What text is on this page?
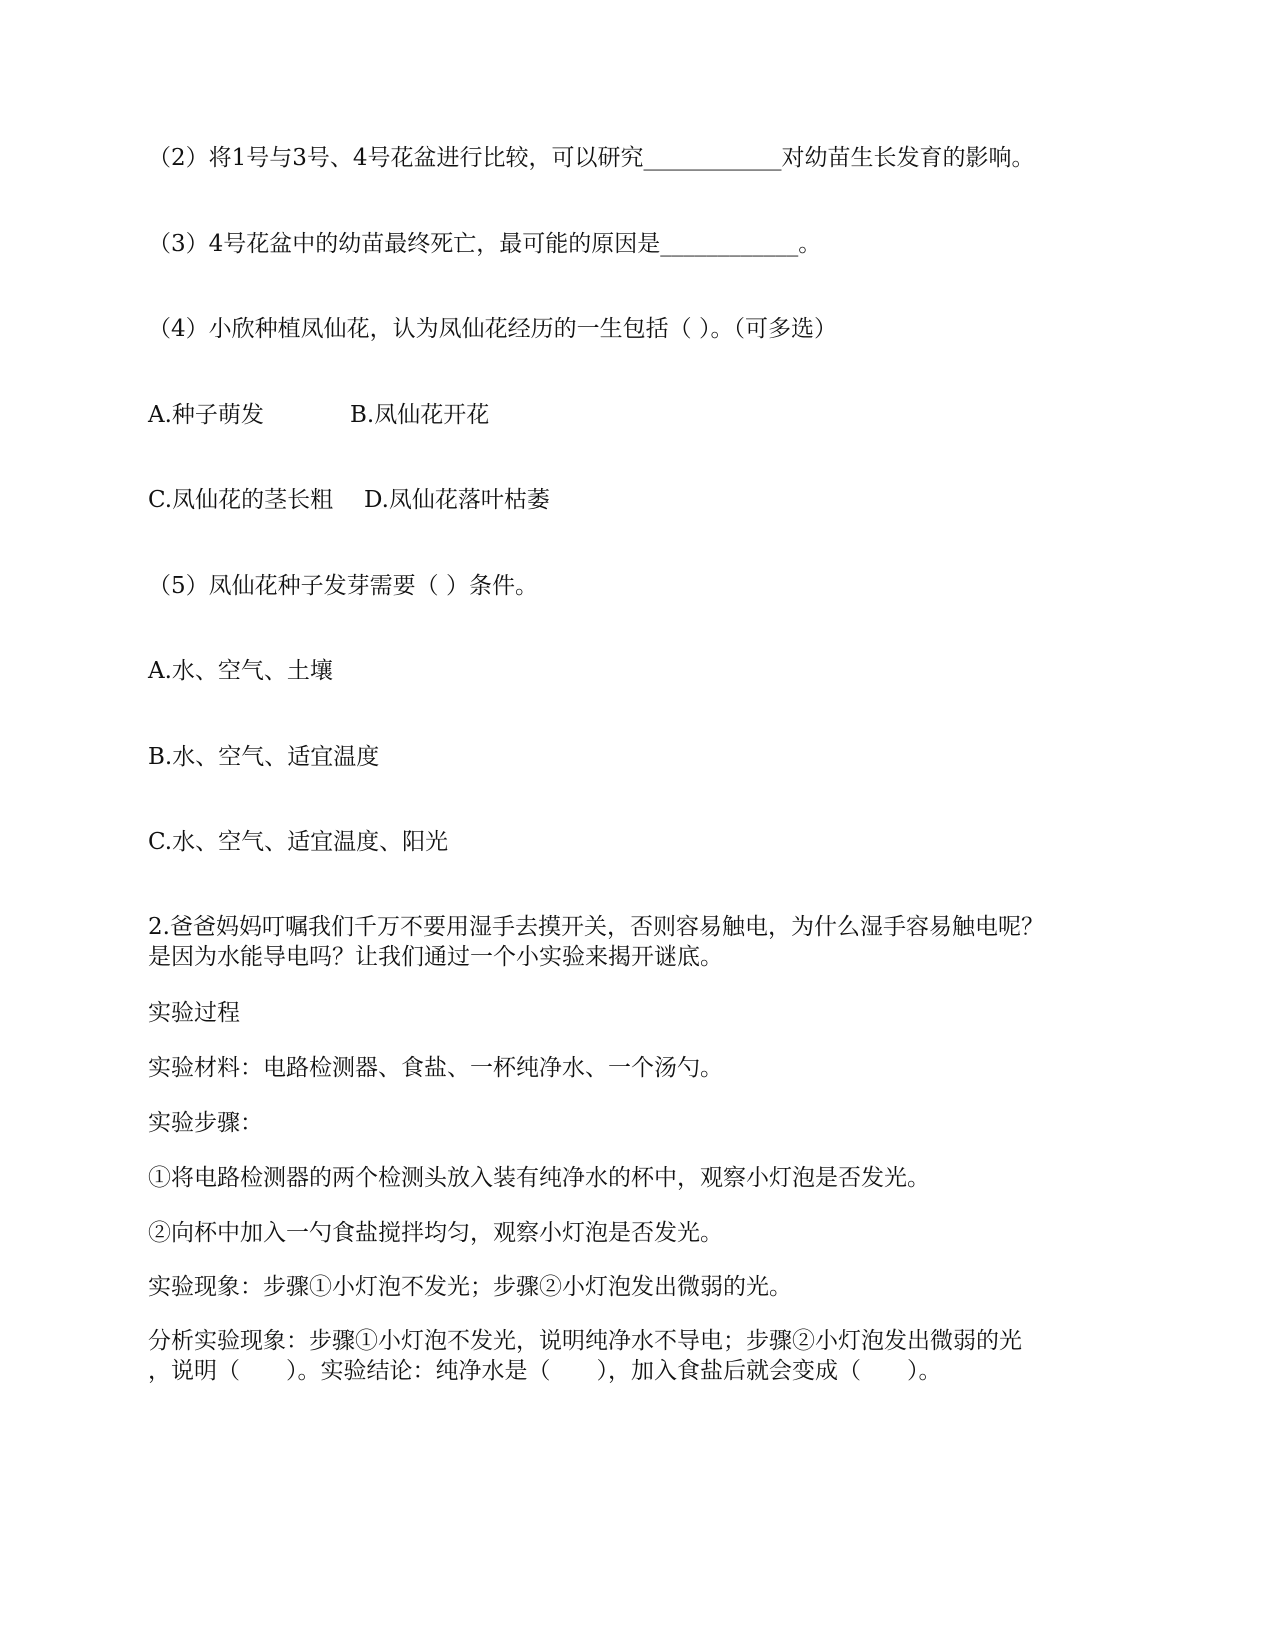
（2）将1号与3号、4号花盆进行比较，可以研究____________对幼苗生长发育的影响。

（3）4号花盆中的幼苗最终死亡，最可能的原因是____________。

（4）小欣种植凤仙花，认为凤仙花经历的一生包括（ ）。（可多选）

A.种子萌发	B.凤仙花开花

C.凤仙花的茎长粗 D.凤仙花落叶枯萎

（5）凤仙花种子发芽需要（ ）条件。

A.水、空气、土壤

B.水、空气、适宜温度

C.水、空气、适宜温度、阳光

2.爸爸妈妈叮嘱我们千万不要用湿手去摸开关，否则容易触电，为什么湿手容易触电呢？

是因为水能导电吗？让我们通过一个小实验来揭开谜底。

实验过程

实验材料：电路检测器、食盐、一杯纯净水、一个汤勺。

实验步骤：

①将电路检测器的两个检测头放入装有纯净水的杯中，观察小灯泡是否发光。

②向杯中加入一勺食盐搅拌均匀，观察小灯泡是否发光。

实验现象：步骤①小灯泡不发光；步骤②小灯泡发出微弱的光。

分析实验现象：步骤①小灯泡不发光，说明纯净水不导电；步骤②小灯泡发出微弱的光

，说明（　　）。实验结论：纯净水是（　　），加入食盐后就会变成（　　）。
